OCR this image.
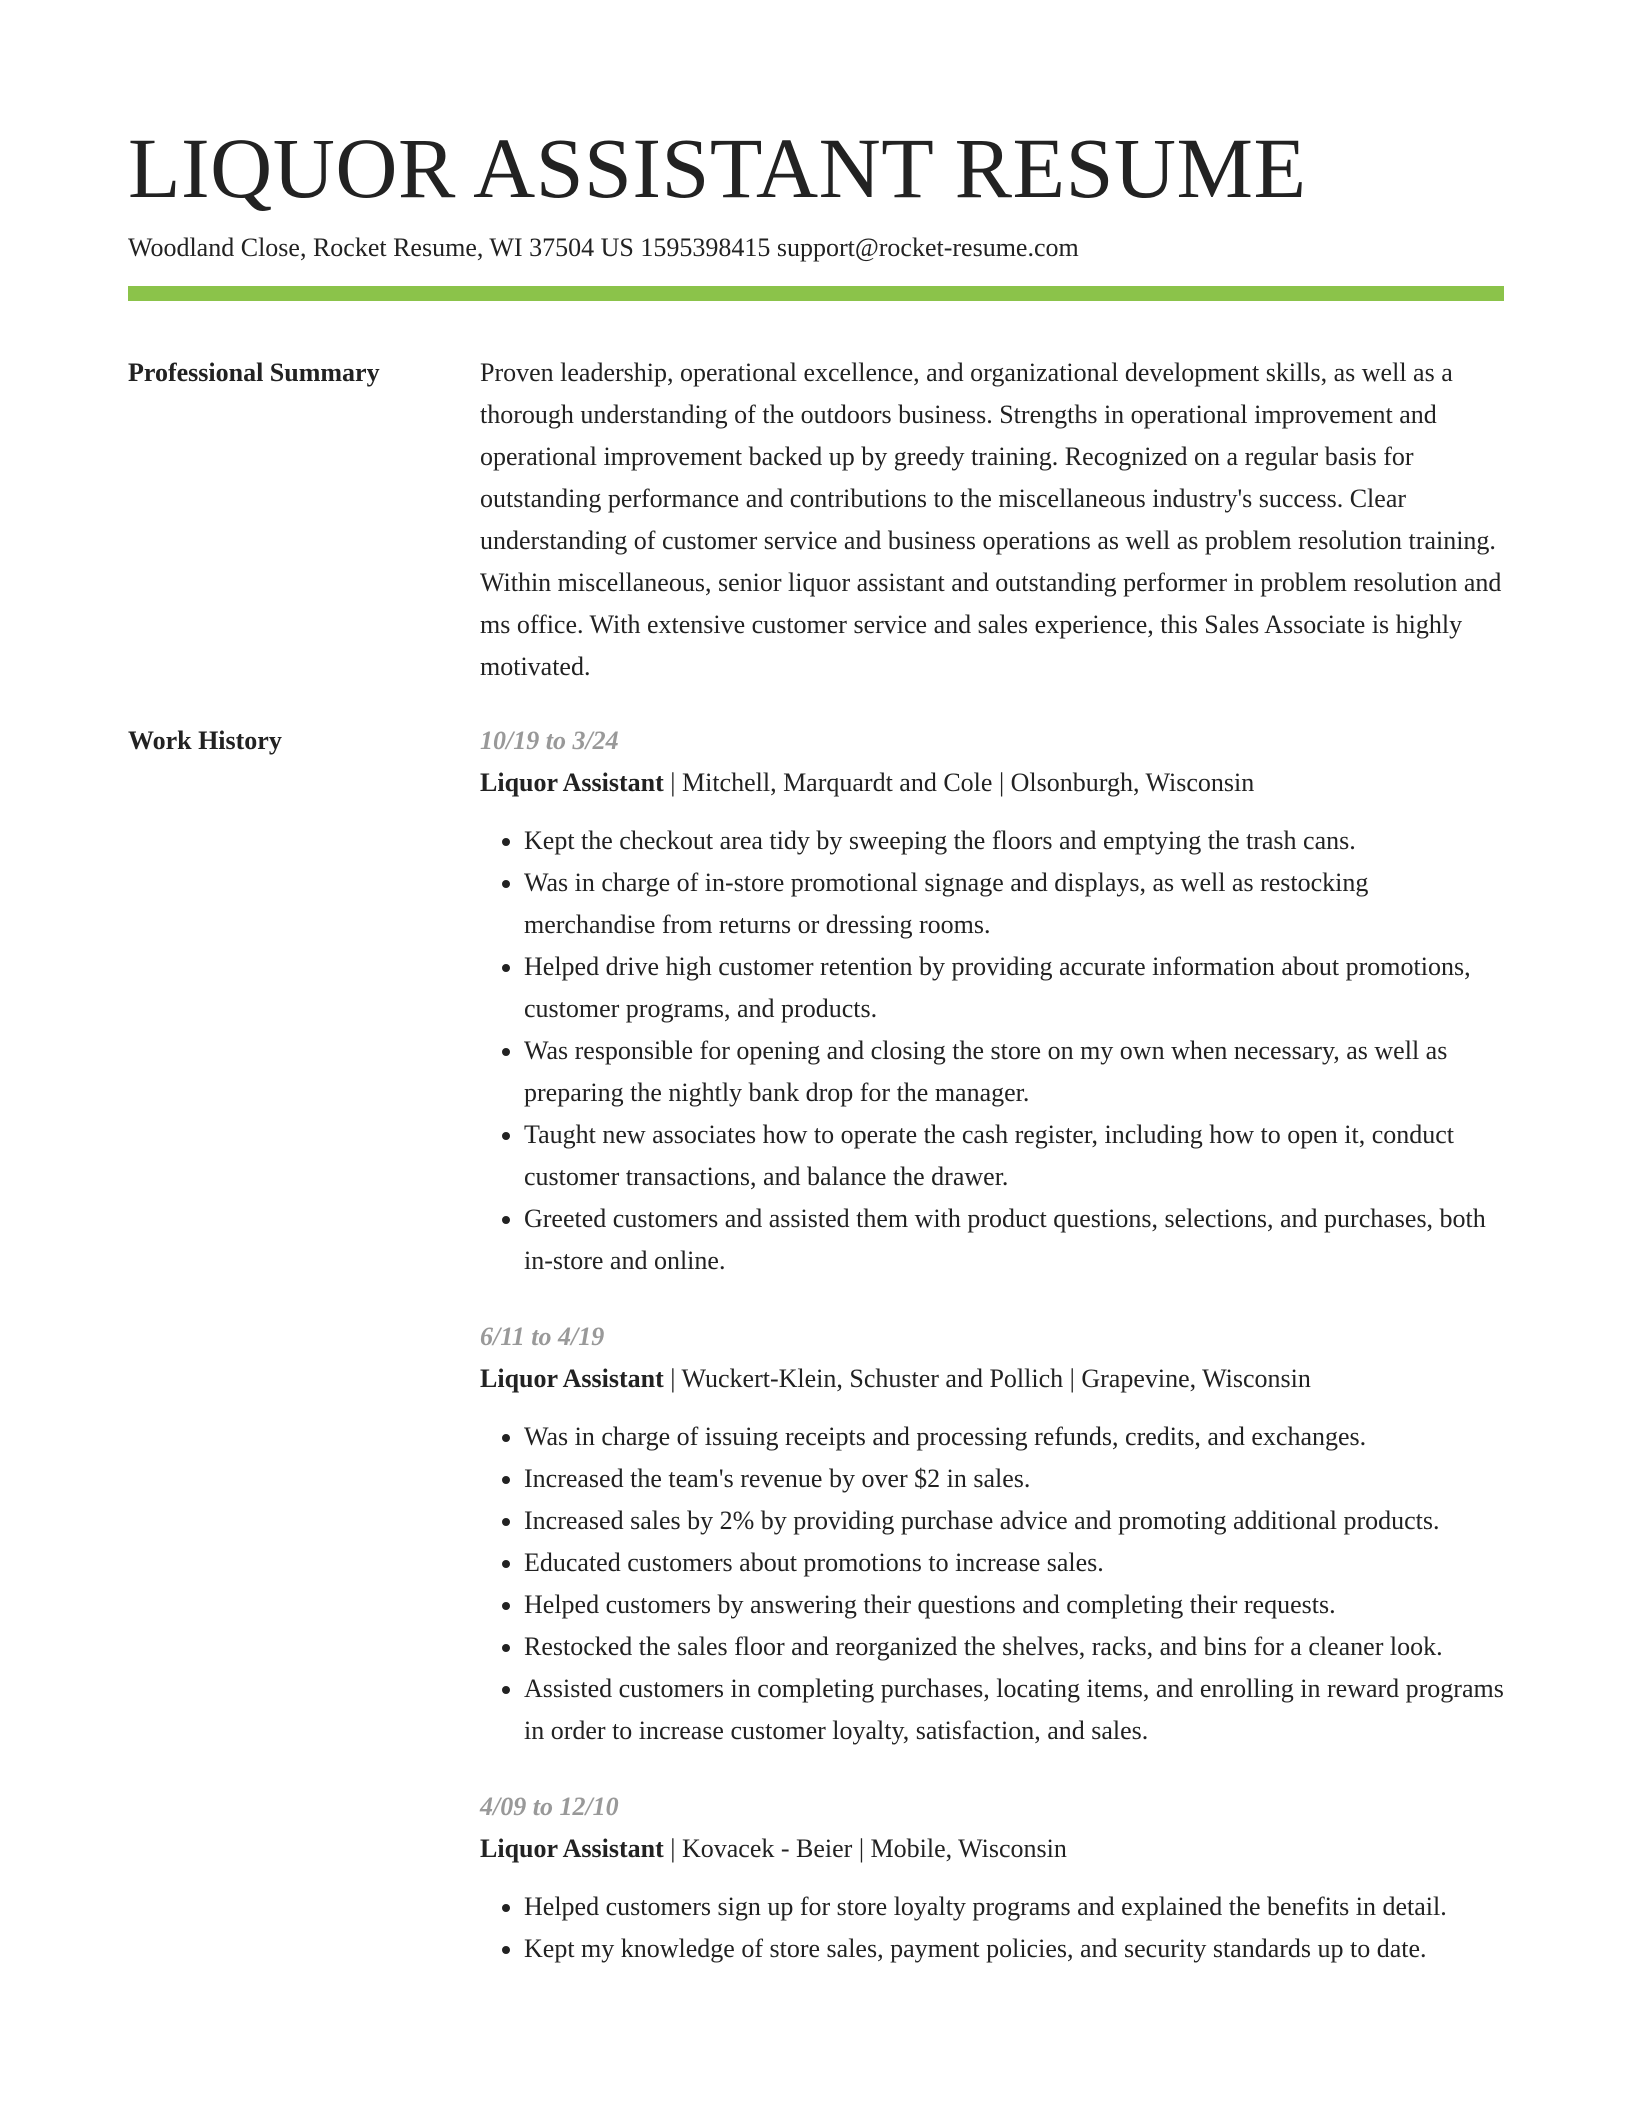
LIQUOR ASSISTANT RESUME
Woodland Close, Rocket Resume, WI 37504 US 1595398415 support@rocket-resume.com
Professional Summary	Proven leadership, operational excellence, and organizational development skills, as well as a thorough understanding of the outdoors business. Strengths in operational improvement and operational improvement backed up by greedy training. Recognized on a regular basis for outstanding performance and contributions to the miscellaneous industry's success. Clear understanding of customer service and business operations as well as problem resolution training. Within miscellaneous, senior liquor assistant and outstanding performer in problem resolution and ms office. With extensive customer service and sales experience, this Sales Associate is highly motivated.

Work History	10/19 to 3/24
Liquor Assistant | Mitchell, Marquardt and Cole | Olsonburgh, Wisconsin
• Kept the checkout area tidy by sweeping the floors and emptying the trash cans.
• Was in charge of in-store promotional signage and displays, as well as restocking merchandise from returns or dressing rooms.
• Helped drive high customer retention by providing accurate information about promotions, customer programs, and products.
• Was responsible for opening and closing the store on my own when necessary, as well as preparing the nightly bank drop for the manager.
• Taught new associates how to operate the cash register, including how to open it, conduct customer transactions, and balance the drawer.
• Greeted customers and assisted them with product questions, selections, and purchases, both in-store and online.
6/11 to 4/19
Liquor Assistant | Wuckert-Klein, Schuster and Pollich | Grapevine, Wisconsin
• Was in charge of issuing receipts and processing refunds, credits, and exchanges.
• Increased the team's revenue by over $2 in sales.
• Increased sales by 2% by providing purchase advice and promoting additional products.
• Educated customers about promotions to increase sales.
• Helped customers by answering their questions and completing their requests.
• Restocked the sales floor and reorganized the shelves, racks, and bins for a cleaner look.
• Assisted customers in completing purchases, locating items, and enrolling in reward programs in order to increase customer loyalty, satisfaction, and sales.
4/09 to 12/10
Liquor Assistant | Kovacek - Beier | Mobile, Wisconsin
• Helped customers sign up for store loyalty programs and explained the benefits in detail.
• Kept my knowledge of store sales, payment policies, and security standards up to date.
